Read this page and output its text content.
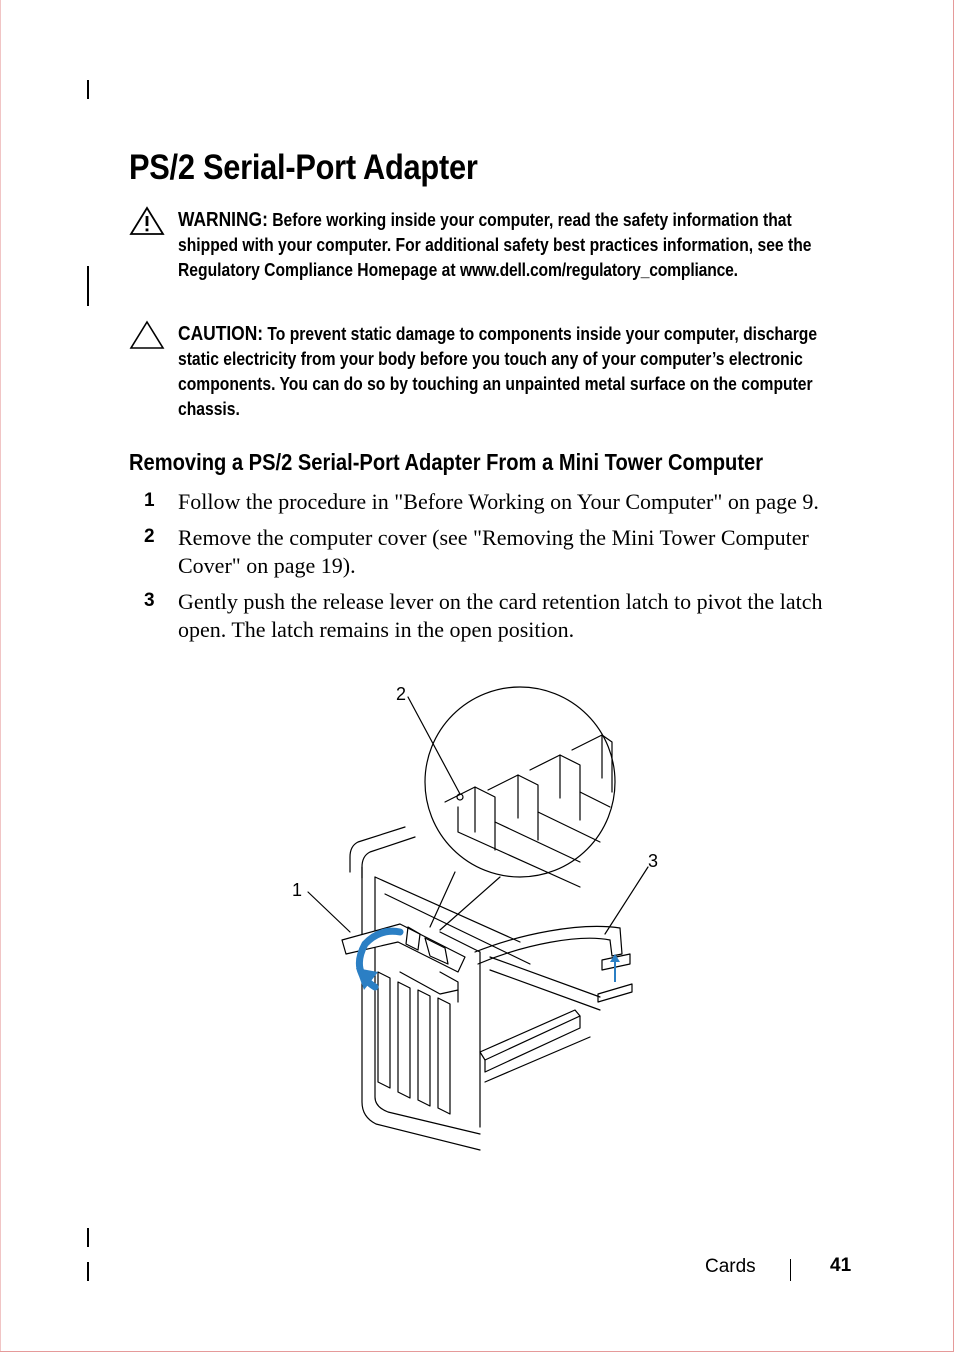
PS/2 Serial-Port Adapter
WARNING: Before working inside your computer, read the safety information that shipped with your computer. For additional safety best practices information, see the Regulatory Compliance Homepage at www.dell.com/regulatory_compliance.
CAUTION: To prevent static damage to components inside your computer, discharge static electricity from your body before you touch any of your computer’s electronic components. You can do so by touching an unpainted metal surface on the computer chassis.
Removing a PS/2 Serial-Port Adapter From a Mini Tower Computer
1 Follow the procedure in "Before Working on Your Computer" on page 9.
2 Remove the computer cover (see "Removing the Mini Tower Computer Cover" on page 19).
3 Gently push the release lever on the card retention latch to pivot the latch open. The latch remains in the open position.
1
2
3
Cards	41
